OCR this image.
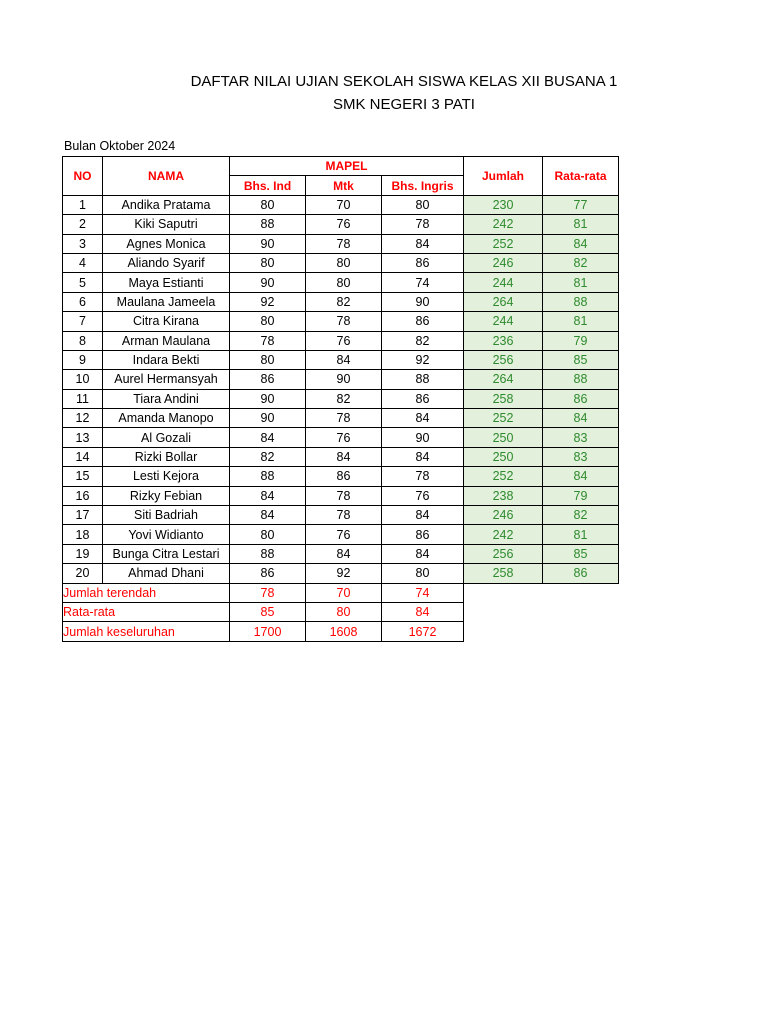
DAFTAR NILAI UJIAN SEKOLAH SISWA KELAS XII BUSANA 1
SMK NEGERI 3 PATI
Bulan Oktober 2024
NO	NAMA	MAPEL			Jumlah	Rata-rata
		Bhs. Ind	Mtk	Bhs. Ingris		
1	Andika Pratama	80	70	80	230	77
2	Kiki Saputri	88	76	78	242	81
3	Agnes Monica	90	78	84	252	84
4	Aliando Syarif	80	80	86	246	82
5	Maya Estianti	90	80	74	244	81
6	Maulana Jameela	92	82	90	264	88
7	Citra Kirana	80	78	86	244	81
8	Arman Maulana	78	76	82	236	79
9	Indara Bekti	80	84	92	256	85
10	Aurel Hermansyah	86	90	88	264	88
11	Tiara Andini	90	82	86	258	86
12	Amanda Manopo	90	78	84	252	84
13	Al Gozali	84	76	90	250	83
14	Rizki Bollar	82	84	84	250	83
15	Lesti Kejora	88	86	78	252	84
16	Rizky Febian	84	78	76	238	79
17	Siti Badriah	84	78	84	246	82
18	Yovi Widianto	80	76	86	242	81
19	Bunga Citra Lestari	88	84	84	256	85
20	Ahmad Dhani	86	92	80	258	86
Jumlah terendah		78	70	74		
Rata-rata		85	80	84		
Jumlah keseluruhan		1700	1608	1672		
